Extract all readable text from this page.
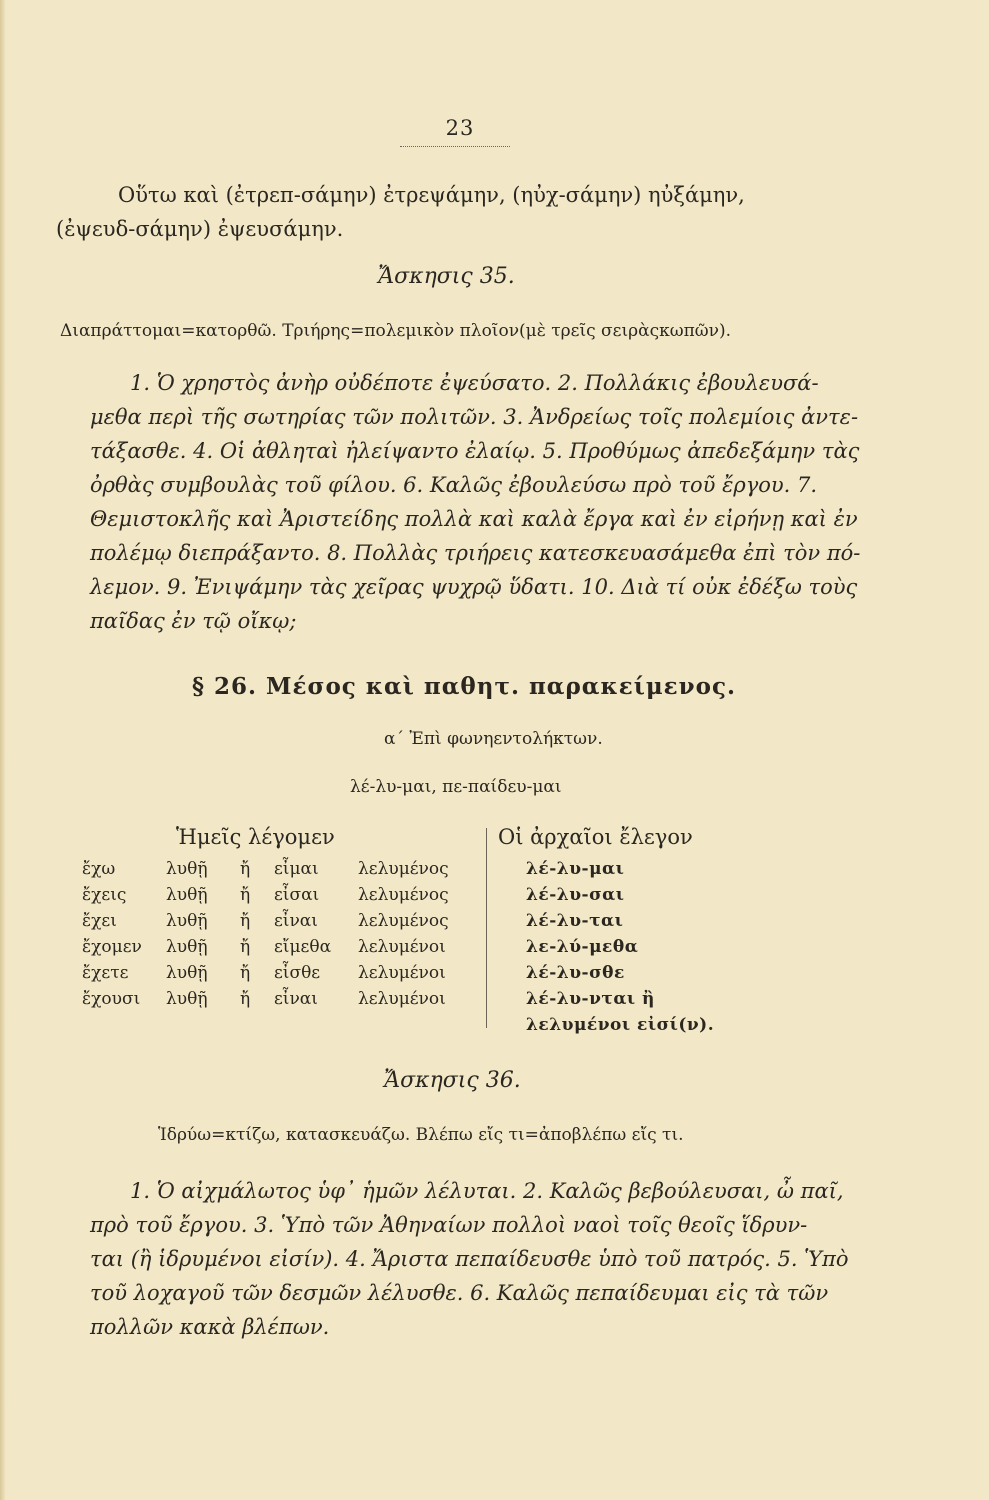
23
Οὕτω καὶ (ἐτρεπ-σάμην) ἐτρεψάμην, (ηὐχ-σάμην) ηὐξάμην,
(ἐψευδ-σάμην) ἐψευσάμην.
Ἄσκησις 35.
Διαπράττομαι=κατορθῶ. Τριήρης=πολεμικὸν πλοῖον(μὲ τρεῖς σειρὰςκωπῶν).
1. Ὁ χρηστὸς ἀνὴρ οὐδέποτε ἐψεύσατο. 2. Πολλάκις ἐβουλευσά-
μεθα περὶ τῆς σωτηρίας τῶν πολιτῶν. 3. Ἀνδρείως τοῖς πολεμίοις ἀντε-
τάξασθε. 4. Οἱ ἀθληταὶ ἠλείψαντο ἐλαίῳ. 5. Προθύμως ἀπεδεξάμην τὰς
ὀρθὰς συμβουλὰς τοῦ φίλου. 6. Καλῶς ἐβουλεύσω πρὸ τοῦ ἔργου. 7.
Θεμιστοκλῆς καὶ Ἀριστείδης πολλὰ καὶ καλὰ ἔργα καὶ ἐν εἰρήνῃ καὶ ἐν
πολέμῳ διεπράξαντο. 8. Πολλὰς τριήρεις κατεσκευασάμεθα ἐπὶ τὸν πό-
λεμον. 9. Ἐνιψάμην τὰς χεῖρας ψυχρῷ ὕδατι. 10. Διὰ τί οὐκ ἐδέξω τοὺς
παῖδας ἐν τῷ οἴκῳ;
§ 26. Μέσος καὶ παθητ. παρακείμενος.
α΄ Ἐπὶ φωνηεντολήκτων.
λέ-λυ-μαι, πε-παίδευ-μαι
Ἡμεῖς λέγομεν	Οἱ ἀρχαῖοι ἔλεγον
ἔχω	λυθῇ ἤ εἶμαι λελυμένος	λέ-λυ-μαι
ἔχεις λυθῇ ἤ εἶσαι λελυμένος	λέ-λυ-σαι
ἔχει	λυθῇ ἤ εἶναι λελυμένος	λέ-λυ-ται
ἔχομεν λυθῇ ἤ εἴμεθα λελυμένοι	λε-λύ-μεθα
ἔχετε λυθῇ ἤ εἶσθε λελυμένοι	λέ-λυ-σθε
ἔχουσι λυθῇ ἤ εἶναι λελυμένοι	λέ-λυ-νται ἢ
λελυμένοι εἰσί(ν).
Ἄσκησις 36.
Ἱδρύω=κτίζω, κατασκευάζω. Βλέπω εἴς τι=ἀποβλέπω εἴς τι.
1. Ὁ αἰχμάλωτος ὑφ᾽ ἡμῶν λέλυται. 2. Καλῶς βεβούλευσαι, ὦ παῖ,
πρὸ τοῦ ἔργου. 3. Ὑπὸ τῶν Ἀθηναίων πολλοὶ ναοὶ τοῖς θεοῖς ἵδρυν-
ται (ἢ ἱδρυμένοι εἰσίν). 4. Ἄριστα πεπαίδευσθε ὑπὸ τοῦ πατρός. 5. Ὑπὸ
τοῦ λοχαγοῦ τῶν δεσμῶν λέλυσθε. 6. Καλῶς πεπαίδευμαι εἰς τὰ τῶν
πολλῶν κακὰ βλέπων.
